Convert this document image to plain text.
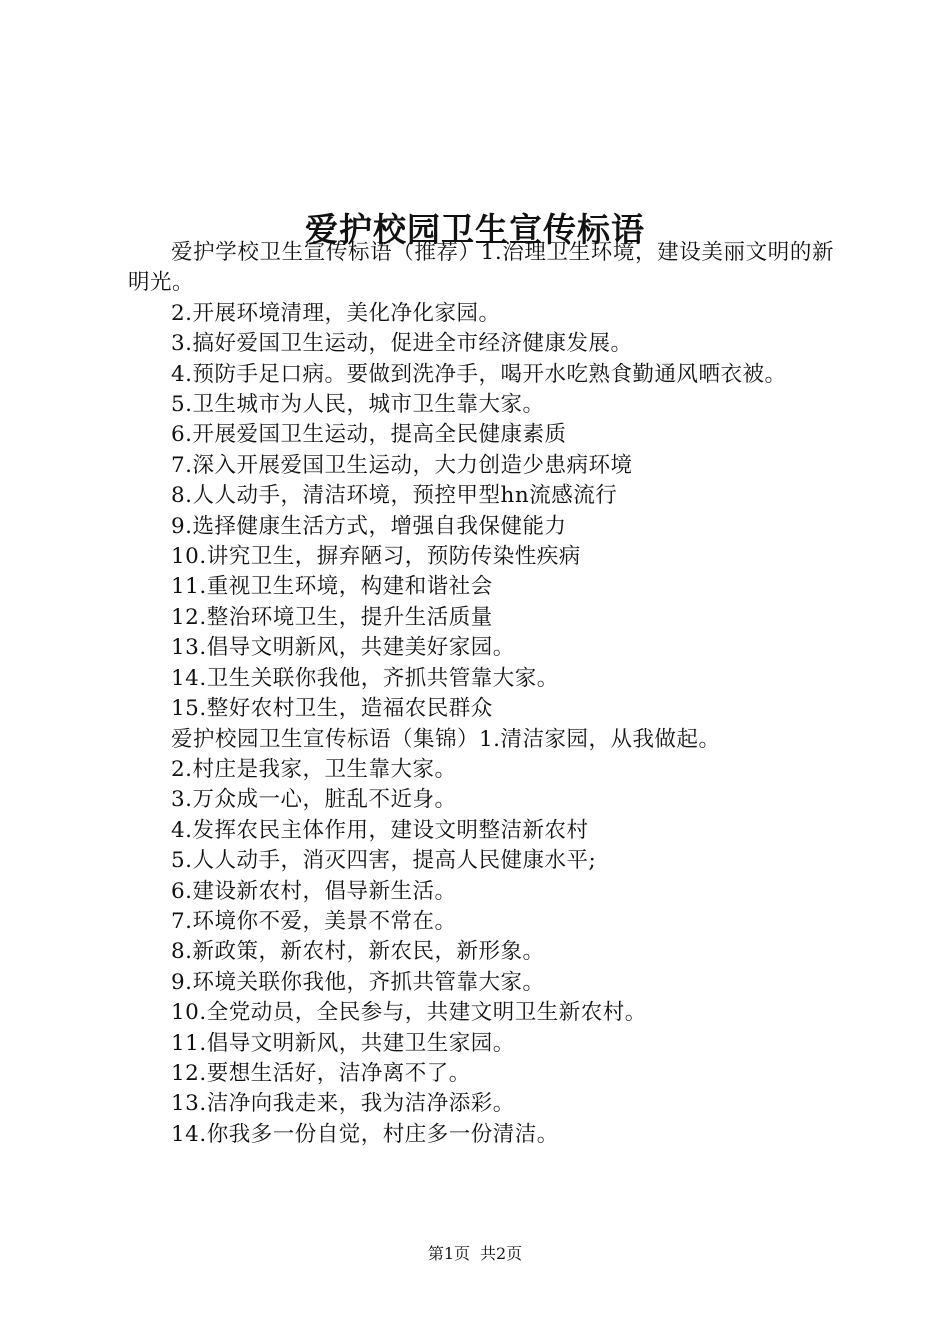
爱护校园卫生宣传标语

爱护学校卫生宣传标语（推荐）1.治理卫生环境，建设美丽文明的新明光。

2.开展环境清理，美化净化家园。

3.搞好爱国卫生运动，促进全市经济健康发展。

4.预防手足口病。要做到洗净手，喝开水吃熟食勤通风晒衣被。

5.卫生城市为人民，城市卫生靠大家。

6.开展爱国卫生运动，提高全民健康素质

7.深入开展爱国卫生运动，大力创造少患病环境

8.人人动手，清洁环境，预控甲型hn流感流行

9.选择健康生活方式，增强自我保健能力

10.讲究卫生，摒弃陋习，预防传染性疾病

11.重视卫生环境，构建和谐社会

12.整治环境卫生，提升生活质量

13.倡导文明新风，共建美好家园。

14.卫生关联你我他，齐抓共管靠大家。

15.整好农村卫生，造福农民群众

爱护校园卫生宣传标语（集锦）1.清洁家园，从我做起。

2.村庄是我家，卫生靠大家。

3.万众成一心，脏乱不近身。

4.发挥农民主体作用，建设文明整洁新农村

5.人人动手，消灭四害，提高人民健康水平;

6.建设新农村，倡导新生活。

7.环境你不爱，美景不常在。

8.新政策，新农村，新农民，新形象。

9.环境关联你我他，齐抓共管靠大家。

10.全党动员，全民参与，共建文明卫生新农村。

11.倡导文明新风，共建卫生家园。

12.要想生活好，洁净离不了。

13.洁净向我走来，我为洁净添彩。

14.你我多一份自觉，村庄多一份清洁。

第1页 共2页
